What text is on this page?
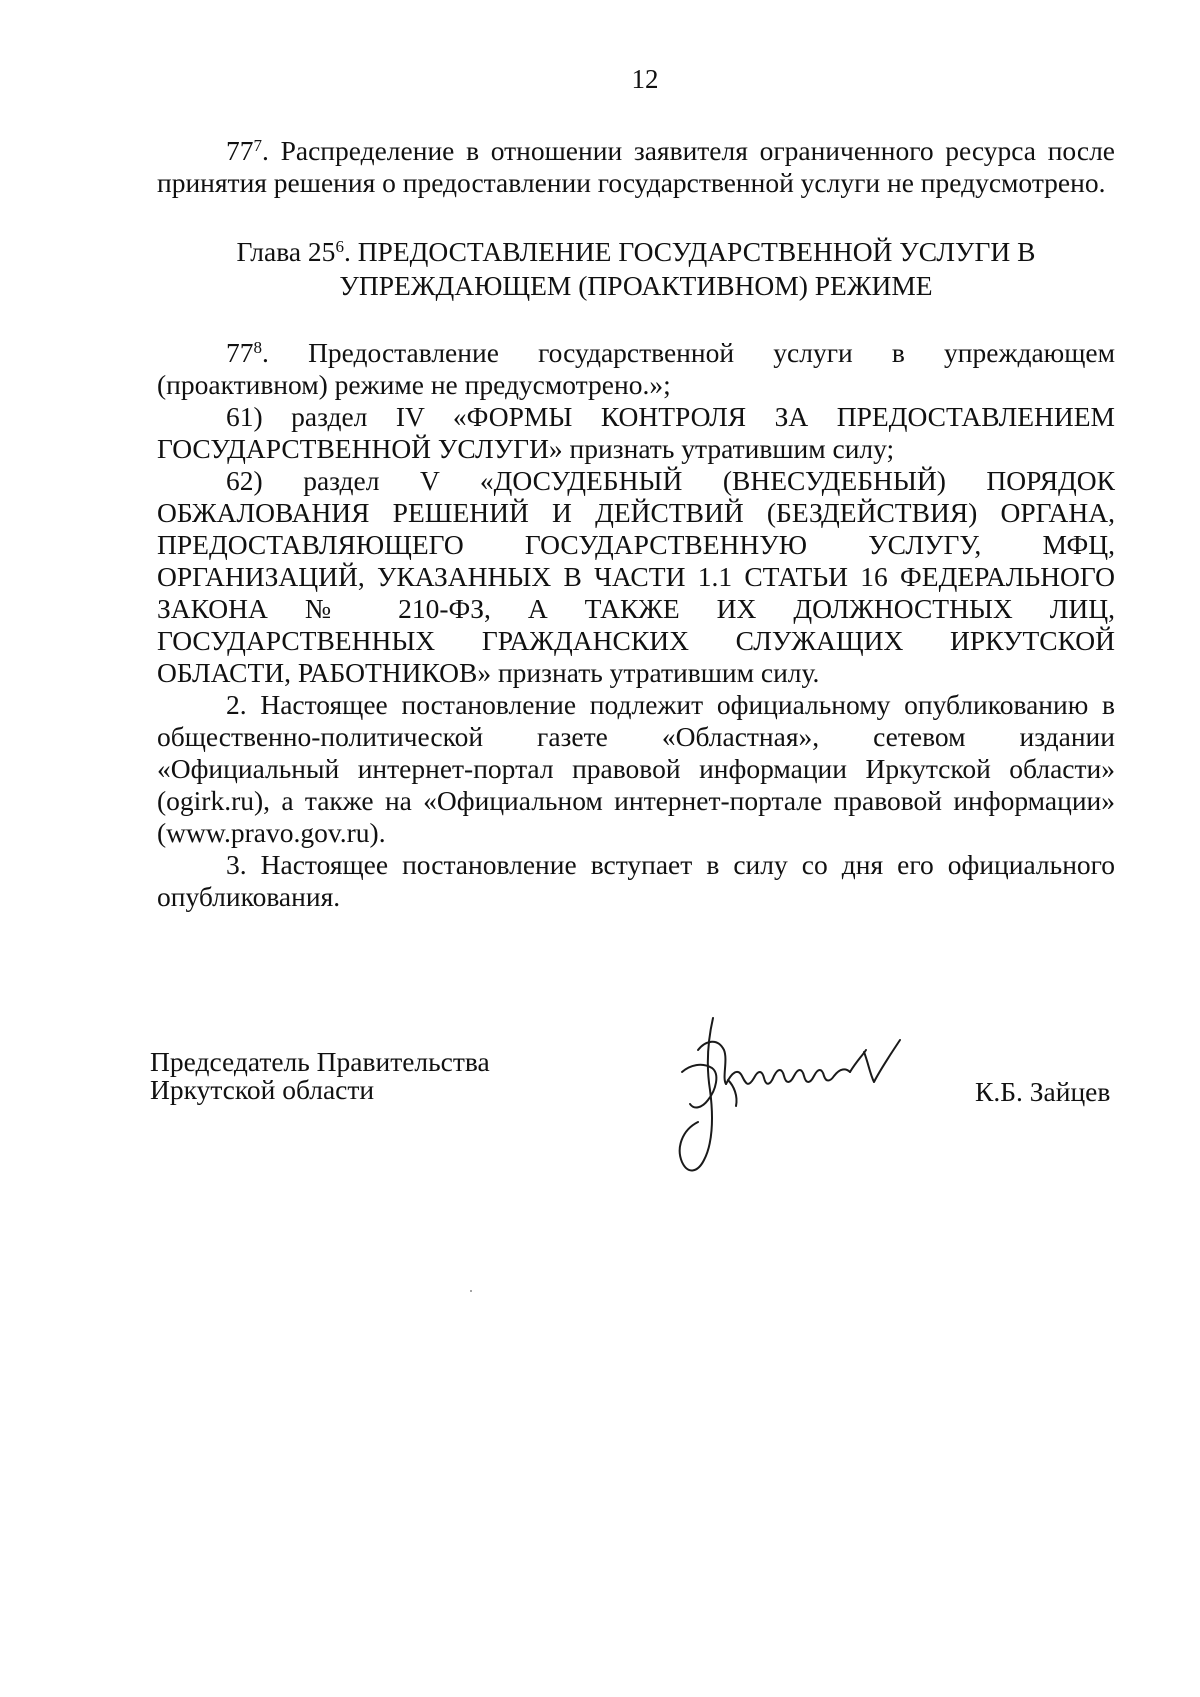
12

$77^7$. Распределение в отношении заявителя ограниченного ресурса после принятия решения о предоставлении государственной услуги не предусмотрено.

Глава $25^6$. ПРЕДОСТАВЛЕНИЕ ГОСУДАРСТВЕННОЙ УСЛУГИ В
УПРЕЖДАЮЩЕМ (ПРОАКТИВНОМ) РЕЖИМЕ

$77^8$. Предоставление государственной услуги в упреждающем (проактивном) режиме не предусмотрено.»;

61) раздел IV «ФОРМЫ КОНТРОЛЯ ЗА ПРЕДОСТАВЛЕНИЕМ ГОСУДАРСТВЕННОЙ УСЛУГИ» признать утратившим силу;

62) раздел V «ДОСУДЕБНЫЙ (ВНЕСУДЕБНЫЙ) ПОРЯДОК ОБЖАЛОВАНИЯ РЕШЕНИЙ И ДЕЙСТВИЙ (БЕЗДЕЙСТВИЯ) ОРГАНА, ПРЕДОСТАВЛЯЮЩЕГО ГОСУДАРСТВЕННУЮ УСЛУГУ, МФЦ, ОРГАНИЗАЦИЙ, УКАЗАННЫХ В ЧАСТИ 1.1 СТАТЬИ 16 ФЕДЕРАЛЬНОГО ЗАКОНА № 210-ФЗ, А ТАКЖЕ ИХ ДОЛЖНОСТНЫХ ЛИЦ, ГОСУДАРСТВЕННЫХ ГРАЖДАНСКИХ СЛУЖАЩИХ ИРКУТСКОЙ ОБЛАСТИ, РАБОТНИКОВ» признать утратившим силу.

2. Настоящее постановление подлежит официальному опубликованию в общественно-политической газете «Областная», сетевом издании «Официальный интернет-портал правовой информации Иркутской области» (ogirk.ru), а также на «Официальном интернет-портале правовой информации» (www.pravo.gov.ru).

3. Настоящее постановление вступает в силу со дня его официального опубликования.

Председатель Правительства
Иркутской области	К.Б. Зайцев
